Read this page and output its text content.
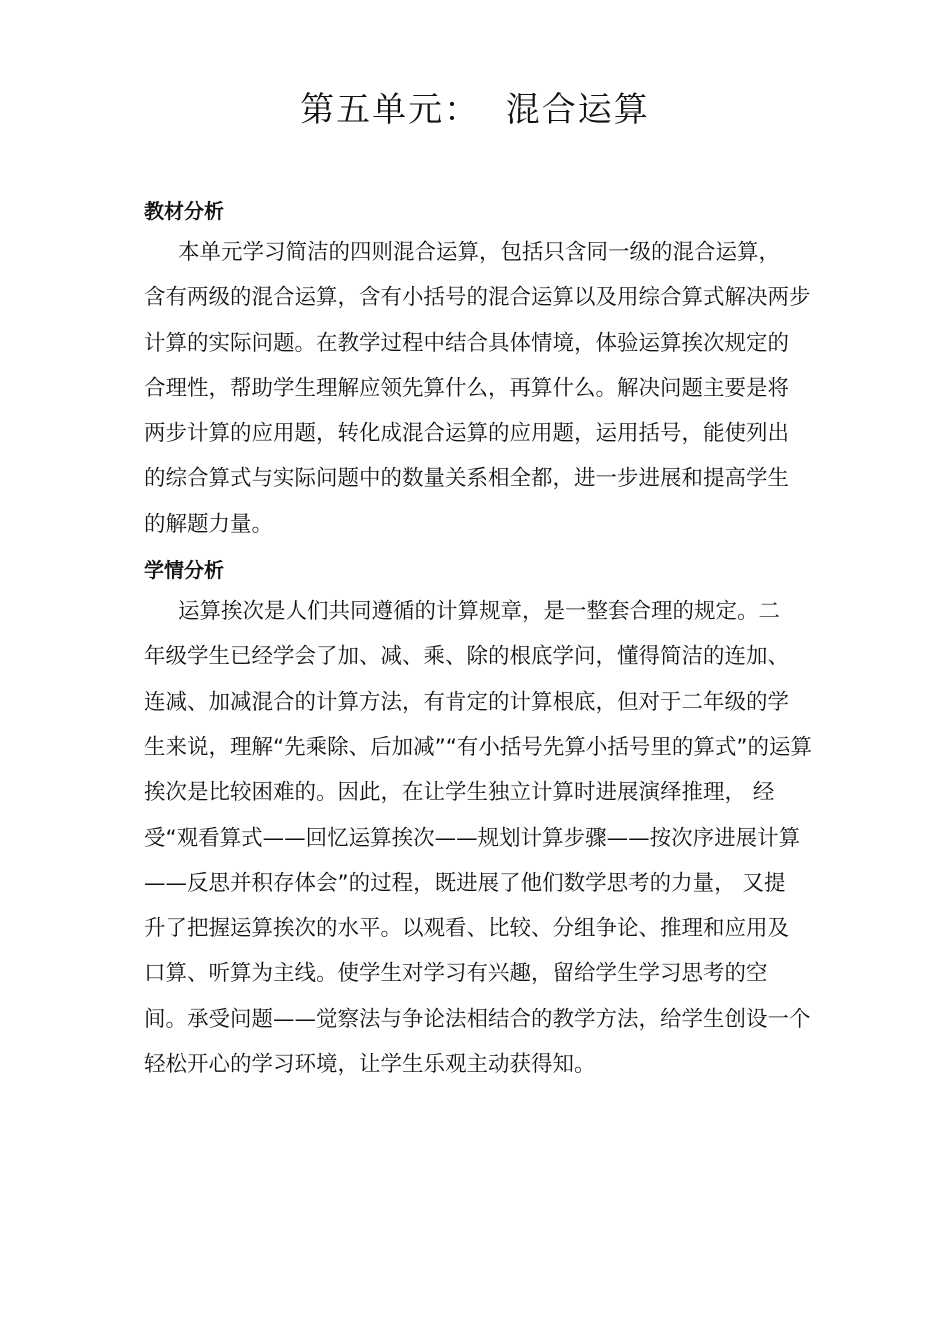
第五单元：  混合运算

教材分析

本单元学习简洁的四则混合运算，包括只含同一级的混合运算，

含有两级的混合运算，含有小括号的混合运算以及用综合算式解决两步

计算的实际问题。在教学过程中结合具体情境，体验运算挨次规定的

合理性，帮助学生理解应领先算什么，再算什么。解决问题主要是将

两步计算的应用题，转化成混合运算的应用题，运用括号，能使列出

的综合算式与实际问题中的数量关系相全都，进一步进展和提高学生

的解题力量。

学情分析

运算挨次是人们共同遵循的计算规章，是一整套合理的规定。二

年级学生已经学会了加、减、乘、除的根底学问，懂得简洁的连加、

连减、加减混合的计算方法，有肯定的计算根底，但对于二年级的学

生来说，理解“先乘除、后加减”“有小括号先算小括号里的算式”的运算

挨次是比较困难的。因此，在让学生独立计算时进展演绎推理， 经

受“观看算式——回忆运算挨次——规划计算步骤——按次序进展计算

——反思并积存体会”的过程，既进展了他们数学思考的力量， 又提

升了把握运算挨次的水平。以观看、比较、分组争论、推理和应用及

口算、听算为主线。使学生对学习有兴趣，留给学生学习思考的空

间。承受问题——觉察法与争论法相结合的教学方法，给学生创设一个

轻松开心的学习环境，让学生乐观主动获得知。
